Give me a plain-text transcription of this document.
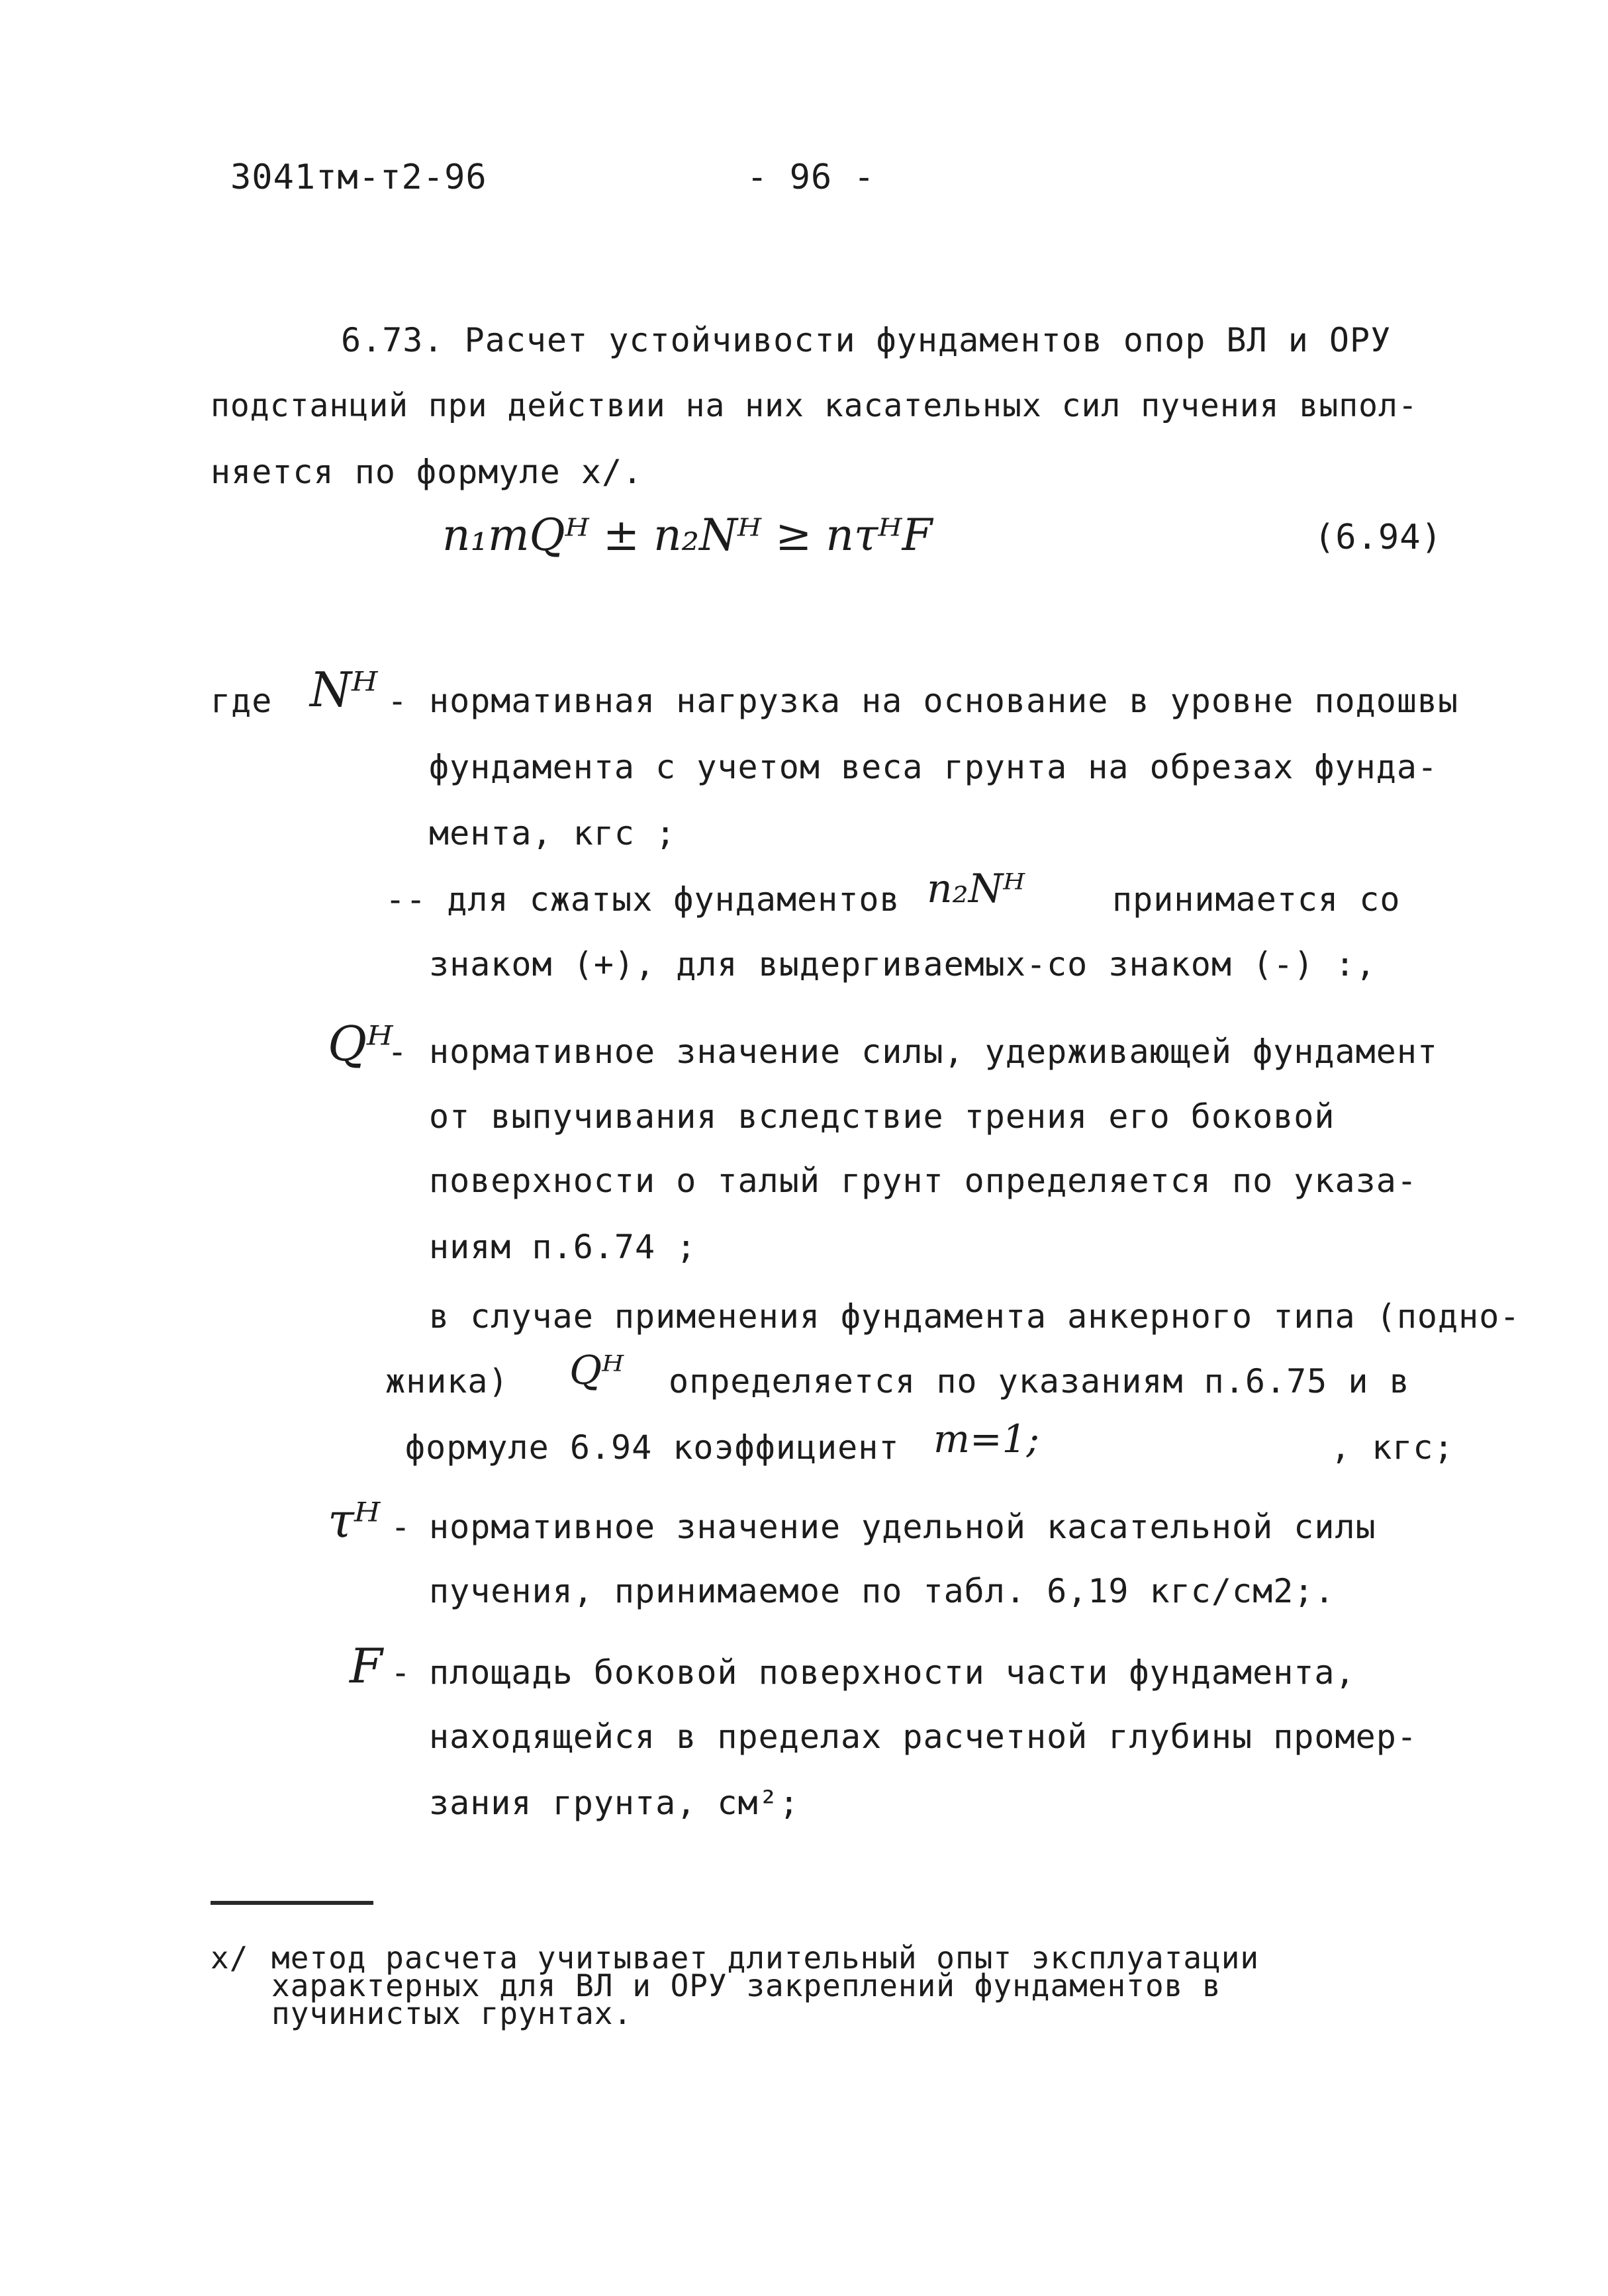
3041тм-т2-96	- 96 -
6.73. Расчет устойчивости фундаментов опор ВЛ и ОРУ
подстанций при действии на них касательных сил пучения выпол-
няется по формуле x/.
n₁mQᴴ ± n₂Nᴴ ≥ nτᴴF	(6.94)
где Nᴴ - нормативная нагрузка на основание в уровне подошвы
фундамента с учетом веса грунта на обрезах фунда-
мента, кгс ;
-- для сжатых фундаментов n₂Nᴴ	принимается со
знаком (+), для выдергиваемых-со знаком (-) :,
Qᴴ
- нормативное значение силы, удерживающей фундамент
от выпучивания вследствие трения его боковой
поверхности о талый грунт определяется по указа-
ниям п.6.74 ;
в случае применения фундамента анкерного типа (подно-
жника) Qᴴ определяется по указаниям п.6.75 и в
формуле 6.94 коэффициент m=1;	, кгс;
τᴴ - нормативное значение удельной касательной силы
пучения, принимаемое по табл. 6,19 кгс/см2;.
F - площадь боковой поверхности части фундамента,
находящейся в пределах расчетной глубины промер-
зания грунта, см²;
x/ метод расчета учитывает длительный опыт эксплуатации
характерных для ВЛ и ОРУ закреплений фундаментов в
пучинистых грунтах.
